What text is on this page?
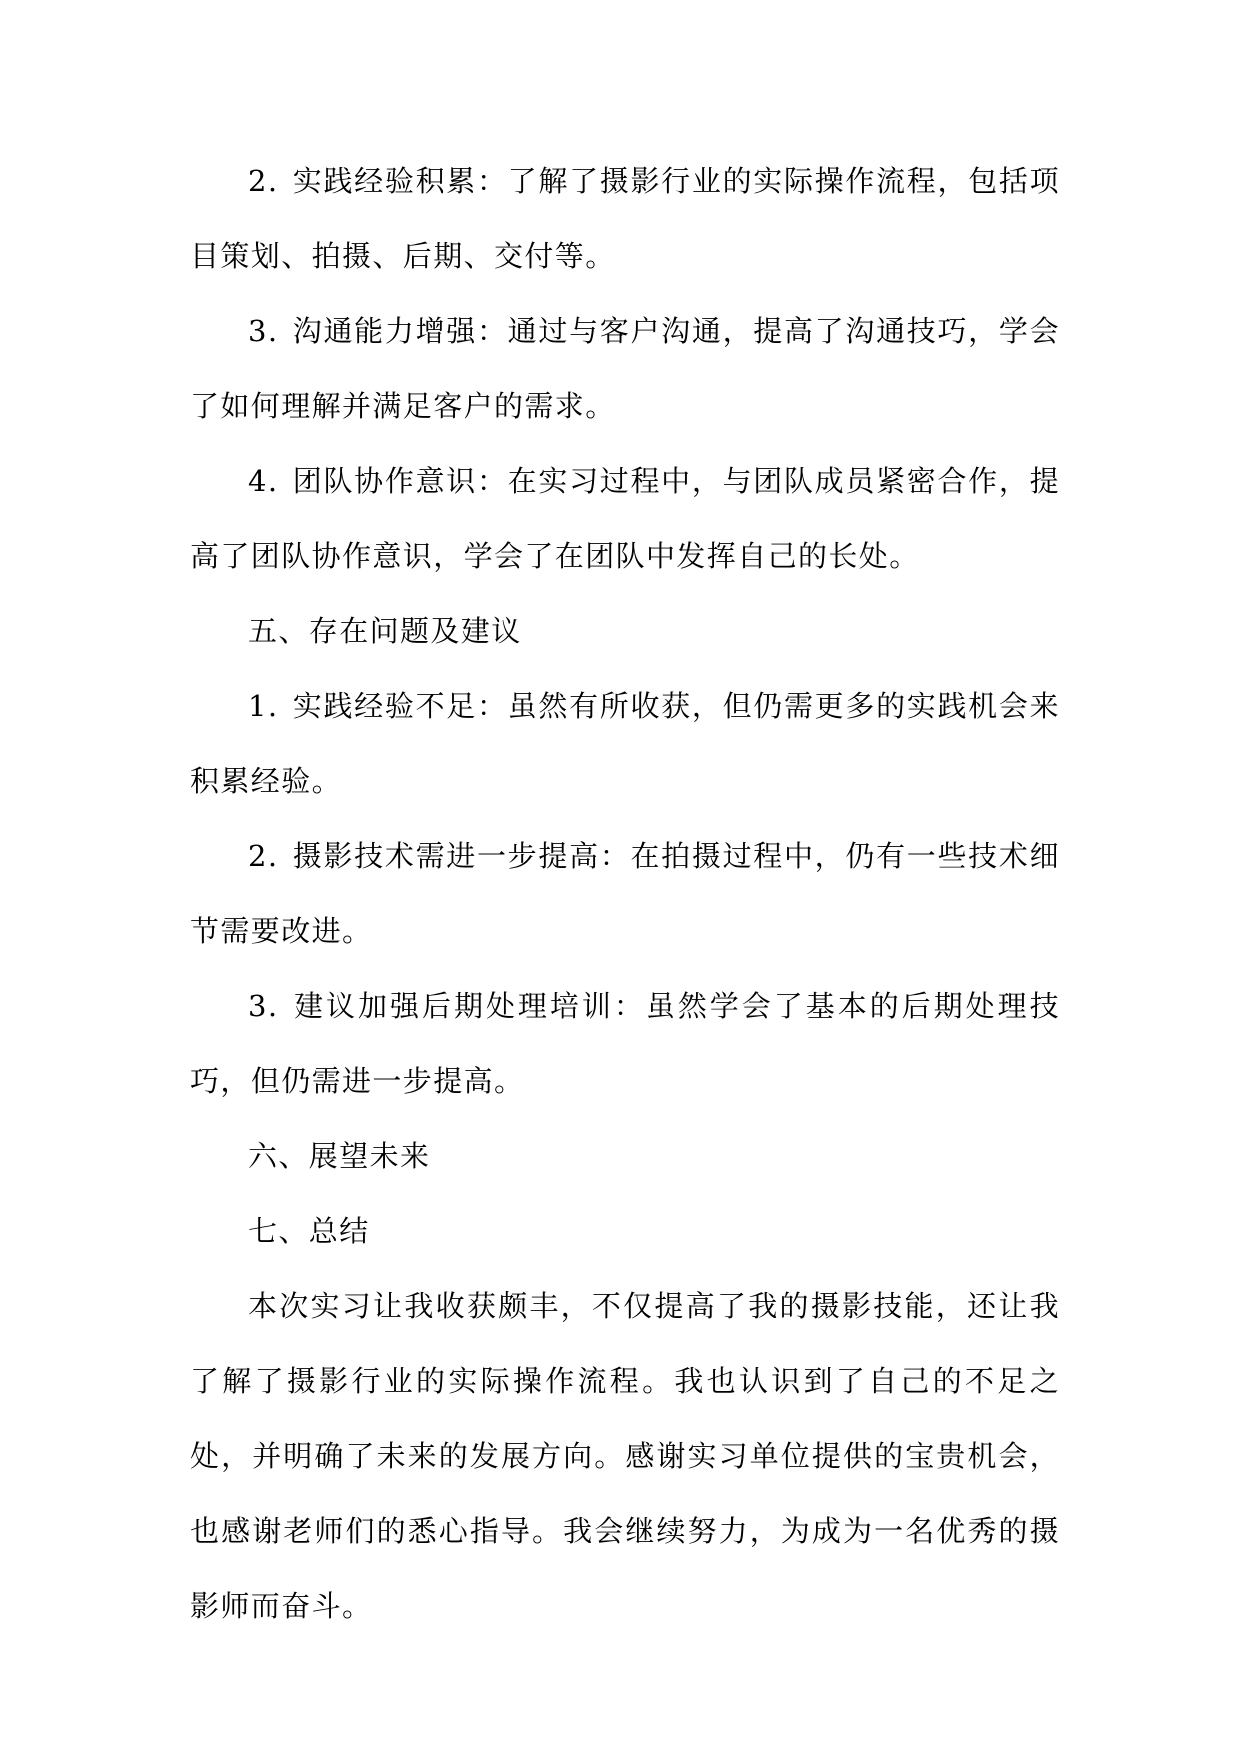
2. 实践经验积累：了解了摄影行业的实际操作流程，包括项目策划、拍摄、后期、交付等。

3. 沟通能力增强：通过与客户沟通，提高了沟通技巧，学会了如何理解并满足客户的需求。

4. 团队协作意识：在实习过程中，与团队成员紧密合作，提高了团队协作意识，学会了在团队中发挥自己的长处。

五、存在问题及建议

1. 实践经验不足：虽然有所收获，但仍需更多的实践机会来积累经验。

2. 摄影技术需进一步提高：在拍摄过程中，仍有一些技术细节需要改进。

3. 建议加强后期处理培训：虽然学会了基本的后期处理技巧，但仍需进一步提高。

六、展望未来

七、总结

本次实习让我收获颇丰，不仅提高了我的摄影技能，还让我了解了摄影行业的实际操作流程。我也认识到了自己的不足之处，并明确了未来的发展方向。感谢实习单位提供的宝贵机会，也感谢老师们的悉心指导。我会继续努力，为成为一名优秀的摄影师而奋斗。
